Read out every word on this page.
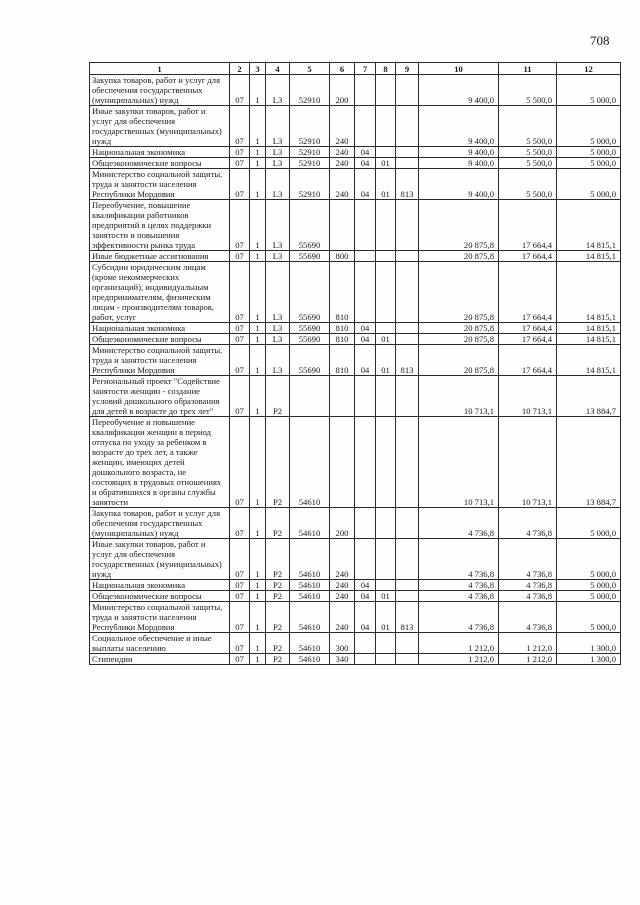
708
1	2	3	4	5	6	7	8	9	10	11	12
Закупка товаров, работ и услуг для обеспечения государственных (муниципальных) нужд	07	1	L3	52910	200				9 400,0	5 500,0	5 000,0
Иные закупки товаров, работ и услуг для обеспечения государственных (муниципальных) нужд	07	1	L3	52910	240				9 400,0	5 500,0	5 000,0
Национальная экономика	07	1	L3	52910	240	04			9 400,0	5 500,0	5 000,0
Общеэкономические вопросы	07	1	L3	52910	240	04	01		9 400,0	5 500,0	5 000,0
Министерство социальной защиты, труда и занятости населения Республики Мордовия	07	1	L3	52910	240	04	01	813	9 400,0	5 500,0	5 000,0
Переобучение, повышение квалификации работников предприятий в целях поддержки занятости и повышения эффективности рынка труда	07	1	L3	55690					20 875,8	17 664,4	14 815,1
Иные бюджетные ассигнования	07	1	L3	55690	800				20 875,8	17 664,4	14 815,1
Субсидии юридическим лицам (кроме некоммерческих организаций), индивидуальным предпринимателям, физическим лицам - производителям товаров, работ, услуг	07	1	L3	55690	810				20 875,8	17 664,4	14 815,1
Национальная экономика	07	1	L3	55690	810	04			20 875,8	17 664,4	14 815,1
Общеэкономические вопросы	07	1	L3	55690	810	04	01		20 875,8	17 664,4	14 815,1
Министерство социальной защиты, труда и занятости населения Республики Мордовия	07	1	L3	55690	810	04	01	813	20 875,8	17 664,4	14 815,1
Региональный проект "Содействие занятости женщин - создание условий дошкольного образования для детей в возрасте до трех лет"	07	1	P2						10 713,1	10 713,1	13 884,7
Переобучение и повышение квалификации женщин в период отпуска по уходу за ребенком в возрасте до трех лет, а также женщин, имеющих детей дошкольного возраста, не состоящих в трудовых отношениях и обратившихся в органы службы занятости	07	1	P2	54610					10 713,1	10 713,1	13 884,7
Закупка товаров, работ и услуг для обеспечения государственных (муниципальных) нужд	07	1	P2	54610	200				4 736,8	4 736,8	5 000,0
Иные закупки товаров, работ и услуг для обеспечения государственных (муниципальных) нужд	07	1	P2	54610	240				4 736,8	4 736,8	5 000,0
Национальная экономика	07	1	P2	54610	240	04			4 736,8	4 736,8	5 000,0
Общеэкономические вопросы	07	1	P2	54610	240	04	01		4 736,8	4 736,8	5 000,0
Министерство социальной защиты, труда и занятости населения Республики Мордовия	07	1	P2	54610	240	04	01	813	4 736,8	4 736,8	5 000,0
Социальное обеспечение и иные выплаты населению	07	1	P2	54610	300				1 212,0	1 212,0	1 300,0
Стипендии	07	1	P2	54610	340				1 212,0	1 212,0	1 300,0
